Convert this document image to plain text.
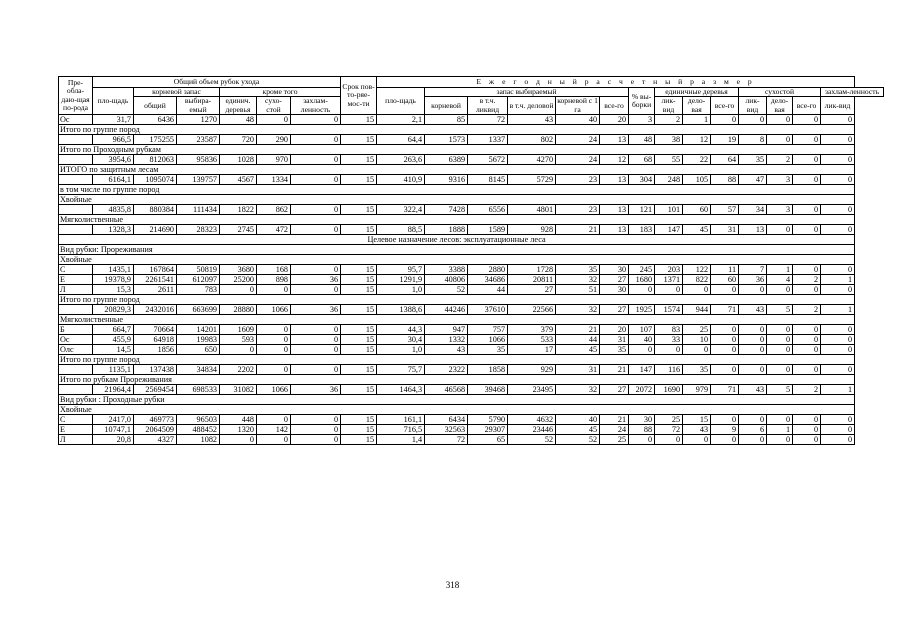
Пре-обла-даю-щая по-рода	Общий объем рубок ухода						Срок пов-то-ряе-мос-ти	Е ж е г о д н ы й р а с ч е т н ы й р а з м е р													

	пло-щадь	корневой запас		кроме того				пло-щадь	запас выбираемый					% вы-борки	единичные деревья			сухостой			захлам-ленность
		общий	выбира-емый	единич. деревья	сухо-стой	захлам-ленность			корневой	в т.ч. ликвид	в т.ч. деловой	корневой с 1 га	все-го		лик-вид	дело-вая	все-го	лик-вид	дело-вая	все-го	лик-вид
Ос	31,7	6436	1270	48	0	0	15	2,1	85	72	43	40	20	3	2	1	0	0	0	0	0
Итого по группе пород																					
	966,5	175255	23587	720	290	0	15	64,4	1573	1337	802	24	13	48	38	12	19	8	0	0	0
Итого по Проходным рубкам																					
	3954,6	812063	95836	1028	970	0	15	263,6	6389	5672	4270	24	12	68	55	22	64	35	2	0	0
ИТОГО по защитным лесам																					
	6164,1	1095074	139757	4567	1334	0	15	410,9	9316	8145	5729	23	13	304	248	105	88	47	3	0	0
в том числе по группе пород																					
Хвойные																					
	4835,8	880384	111434	1822	862	0	15	322,4	7428	6556	4801	23	13	121	101	60	57	34	3	0	0
Мягколиственные																					
	1328,3	214690	28323	2745	472	0	15	88,5	1888	1589	928	21	13	183	147	45	31	13	0	0	0
Целевое назначение лесов: эксплуатационные леса																					
Вид рубки: Прореживания																					
Хвойные																					
С	1435,1	167864	50819	3680	168	0	15	95,7	3388	2880	1728	35	30	245	203	122	11	7	1	0	0
Е	19378,9	2261541	612097	25200	898	36	15	1291,9	40806	34686	20811	32	27	1680	1371	822	60	36	4	2	1
Л	15,3	2611	783	0	0	0	15	1,0	52	44	27	51	30	0	0	0	0	0	0	0	0
Итого по группе пород																					
	20829,3	2432016	663699	28880	1066	36	15	1388,6	44246	37610	22566	32	27	1925	1574	944	71	43	5	2	1
Мягколиственные																					
Б	664,7	70664	14201	1609	0	0	15	44,3	947	757	379	21	20	107	83	25	0	0	0	0	0
Ос	455,9	64918	19983	593	0	0	15	30,4	1332	1066	533	44	31	40	33	10	0	0	0	0	0
Олс	14,5	1856	650	0	0	0	15	1,0	43	35	17	45	35	0	0	0	0	0	0	0	0
Итого по группе пород																					
	1135,1	137438	34834	2202	0	0	15	75,7	2322	1858	929	31	21	147	116	35	0	0	0	0	0
Итого по рубкам Прореживания																					
	21964,4	2569454	698533	31082	1066	36	15	1464,3	46568	39468	23495	32	27	2072	1690	979	71	43	5	2	1
Вид рубки : Проходные рубки																					
Хвойные																					
С	2417,0	469773	96503	448	0	0	15	161,1	6434	5790	4632	40	21	30	25	15	0	0	0	0	0
Е	10747,1	2064509	488452	1320	142	0	15	716,5	32563	29307	23446	45	24	88	72	43	9	6	1	0	0
Л	20,8	4327	1082	0	0	0	15	1,4	72	65	52	52	25	0	0	0	0	0	0	0	0
318
